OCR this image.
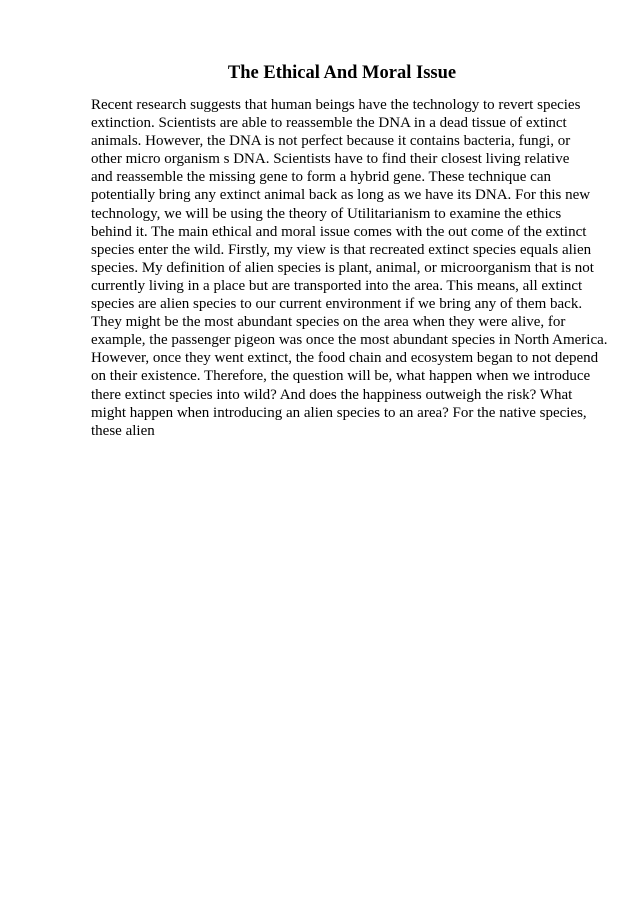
The Ethical And Moral Issue
Recent research suggests that human beings have the technology to revert species
extinction. Scientists are able to reassemble the DNA in a dead tissue of extinct
animals. However, the DNA is not perfect because it contains bacteria, fungi, or
other micro organism s DNA. Scientists have to find their closest living relative
and reassemble the missing gene to form a hybrid gene. These technique can
potentially bring any extinct animal back as long as we have its DNA. For this new
technology, we will be using the theory of Utilitarianism to examine the ethics
behind it. The main ethical and moral issue comes with the out come of the extinct
species enter the wild. Firstly, my view is that recreated extinct species equals alien
species. My definition of alien species is plant, animal, or microorganism that is not
currently living in a place but are transported into the area. This means, all extinct
species are alien species to our current environment if we bring any of them back.
They might be the most abundant species on the area when they were alive, for
example, the passenger pigeon was once the most abundant species in North America.
However, once they went extinct, the food chain and ecosystem began to not depend
on their existence. Therefore, the question will be, what happen when we introduce
there extinct species into wild? And does the happiness outweigh the risk? What
might happen when introducing an alien species to an area? For the native species,
these alien
